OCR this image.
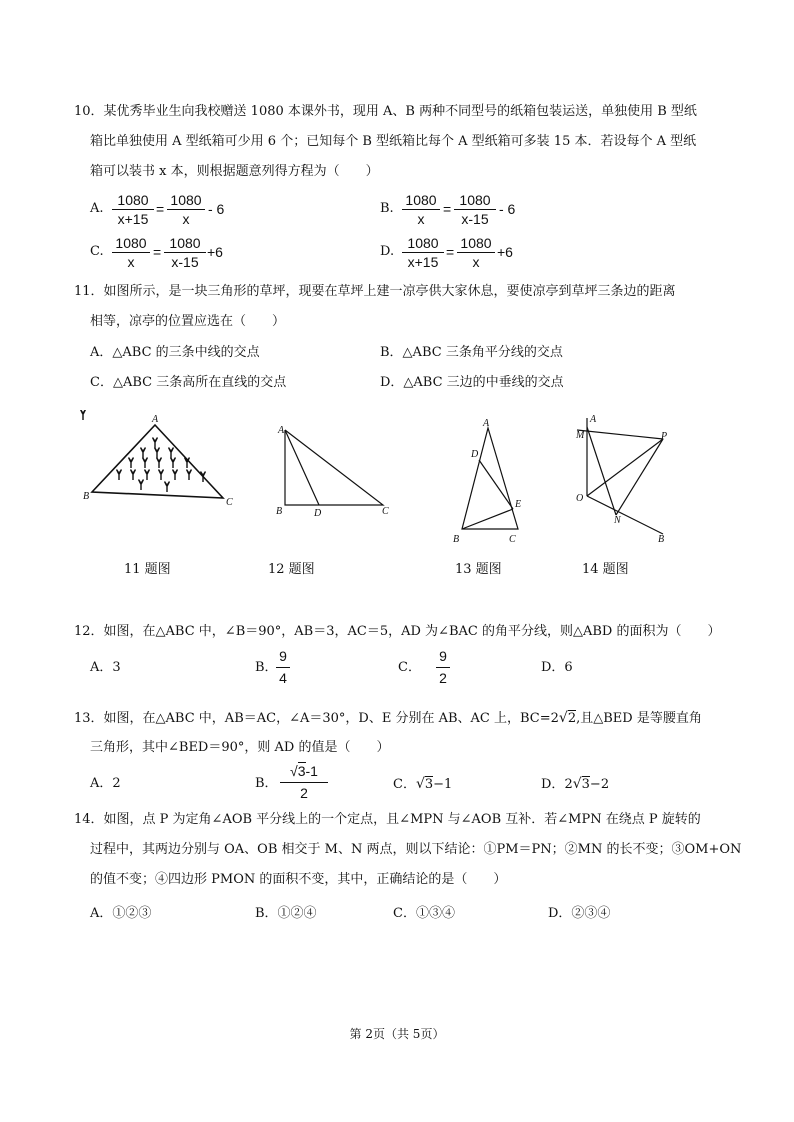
10．某优秀毕业生向我校赠送 1080 本课外书，现用 A、B 两种不同型号的纸箱包装运送，单独使用 B 型纸
箱比单独使用 A 型纸箱可少用 6 个；已知每个 B 型纸箱比每个 A 型纸箱可多装 15 本．若设每个 A 型纸
箱可以装书 x 本，则根据题意列得方程为（　　）
A.
1080
x+15
=
1080
x
- 6	B.
1080
x
=
1080
x-15
- 6
C.
1080
x
=
1080
x-15
+6	D.
1080
x+15
=
1080
x
+6
11．如图所示，是一块三角形的草坪，现要在草坪上建一凉亭供大家休息，要使凉亭到草坪三条边的距离
相等，凉亭的位置应选在（　　）
A．△ABC 的三条中线的交点	B．△ABC 三条角平分线的交点
C．△ABC 三条高所在直线的交点	D．△ABC 三边的中垂线的交点
A
B
C
A
B	D	C
A
D
E
B	C
A
M	P
O
N
B
11 题图	12 题图	13 题图	14 题图
12．如图，在△ABC 中，∠B＝90°，AB＝3，AC＝5，AD 为∠BAC 的角平分线，则△ABD 的面积为（　　）
A．3	B．
9
4
C．
9
2
D．6
13．如图，在△ABC 中，AB＝AC，∠A＝30°，D、E 分别在 AB、AC 上，BC=2√2,且△BED 是等腰直角
三角形，其中∠BED＝90°，则 AD 的值是（　　）
A．2	B．
√3-1
2
C．√3−1	D．2√3−2
14．如图，点 P 为定角∠AOB 平分线上的一个定点，且∠MPN 与∠AOB 互补．若∠MPN 在绕点 P 旋转的
过程中，其两边分别与 OA、OB 相交于 M、N 两点，则以下结论：①PM＝PN；②MN 的长不变；③OM+ON
的值不变；④四边形 PMON 的面积不变，其中，正确结论的是（　　）
A．①②③	B．①②④	C．①③④	D．②③④
第 2页（共 5页）
